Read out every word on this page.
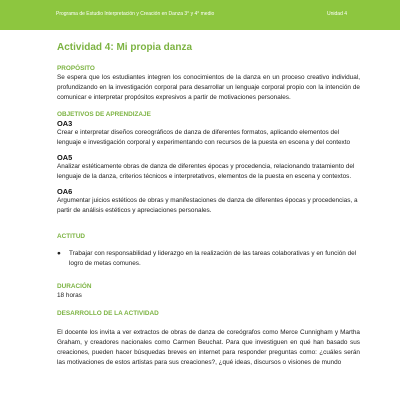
Programa de Estudio Interpretación y Creación en Danza 3° y 4° medio	Unidad 4
Actividad 4: Mi propia danza
PROPÓSITO

Se espera que los estudiantes integren los conocimientos de la danza en un proceso creativo individual, profundizando en la investigación corporal para desarrollar un lenguaje corporal propio con la intención de comunicar e interpretar propósitos expresivos a partir de motivaciones personales.

OBJETIVOS DE APRENDIZAJE

OA3

Crear e interpretar diseños coreográficos de danza de diferentes formatos, aplicando elementos del lenguaje e investigación corporal y experimentando con recursos de la puesta en escena y del contexto

OA5

Analizar estéticamente obras de danza de diferentes épocas y procedencia, relacionando tratamiento del lenguaje de la danza, criterios técnicos e interpretativos, elementos de la puesta en escena y contextos.

OA6

Argumentar juicios estéticos de obras y manifestaciones de danza de diferentes épocas y procedencias, a partir de análisis estéticos y apreciaciones personales.

ACTITUD
●	Trabajar con responsabilidad y liderazgo en la realización de las tareas colaborativas y en función del logro de metas comunes.
DURACIÓN

18 horas

DESARROLLO DE LA ACTIVIDAD

El docente los invita a ver extractos de obras de danza de coreógrafos como Merce Cunnigham y Martha Graham, y creadores nacionales como Carmen Beuchat. Para que investiguen en qué han basado sus creaciones, pueden hacer búsquedas breves en internet para responder preguntas como: ¿cuáles serán las motivaciones de estos artistas para sus creaciones?, ¿qué ideas, discursos o visiones de mundo
